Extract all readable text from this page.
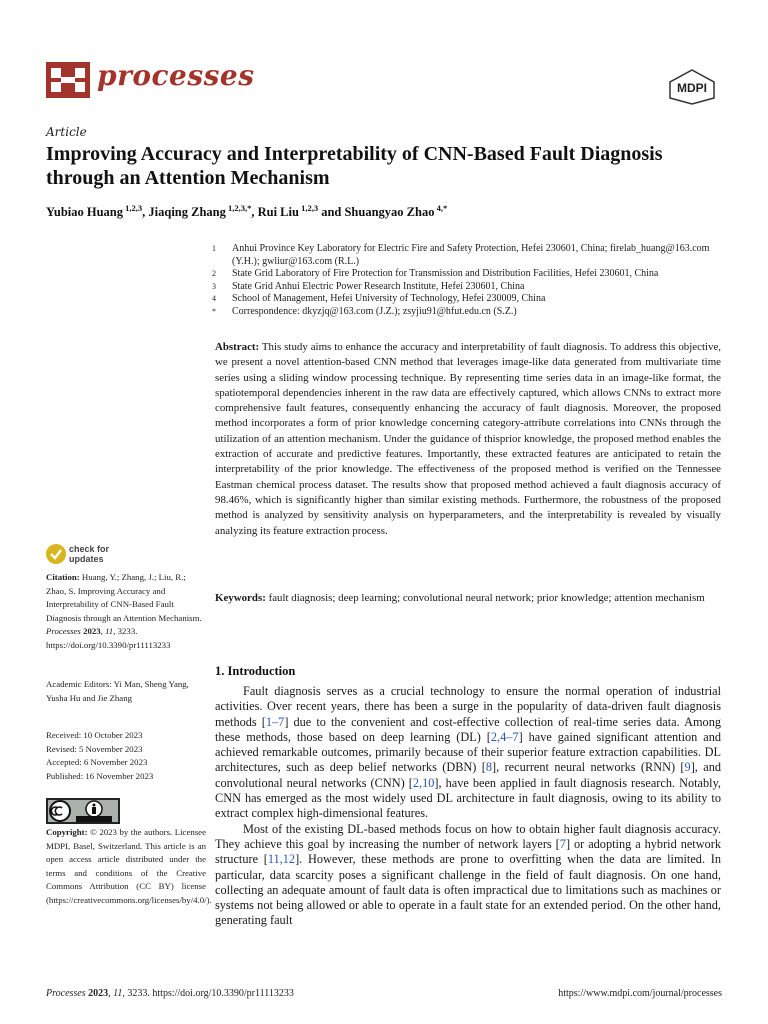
processes	MDPI
Article
Improving Accuracy and Interpretability of CNN-Based Fault Diagnosis through an Attention Mechanism
Yubiao Huang $^{1,2,3}$, Jiaqing Zhang $^{1,2,3,*}$, Rui Liu $^{1,2,3}$ and Shuangyao Zhao $^{4,*}$
1	Anhui Province Key Laboratory for Electric Fire and Safety Protection, Hefei 230601, China; firelab_huang@163.com (Y.H.); gwliur@163.com (R.L.)
2	State Grid Laboratory of Fire Protection for Transmission and Distribution Facilities, Hefei 230601, China
3	State Grid Anhui Electric Power Research Institute, Hefei 230601, China
4	School of Management, Hefei University of Technology, Hefei 230009, China
*	Correspondence: dkyzjq@163.com (J.Z.); zsyjiu91@hfut.edu.cn (S.Z.)
Abstract: This study aims to enhance the accuracy and interpretability of fault diagnosis. To address this objective, we present a novel attention-based CNN method that leverages image-like data generated from multivariate time series using a sliding window processing technique. By representing time series data in an image-like format, the spatiotemporal dependencies inherent in the raw data are effectively captured, which allows CNNs to extract more comprehensive fault features, consequently enhancing the accuracy of fault diagnosis. Moreover, the proposed method incorporates a form of prior knowledge concerning category-attribute correlations into CNNs through the utilization of an attention mechanism. Under the guidance of thisprior knowledge, the proposed method enables the extraction of accurate and predictive features. Importantly, these extracted features are anticipated to retain the interpretability of the prior knowledge. The effectiveness of the proposed method is verified on the Tennessee Eastman chemical process dataset. The results show that proposed method achieved a fault diagnosis accuracy of 98.46%, which is significantly higher than similar existing methods. Furthermore, the robustness of the proposed method is analyzed by sensitivity analysis on hyperparameters, and the interpretability is revealed by visually analyzing its feature extraction process.
Keywords: fault diagnosis; deep learning; convolutional neural network; prior knowledge; attention mechanism
1. Introduction

Fault diagnosis serves as a crucial technology to ensure the normal operation of industrial activities. Over recent years, there has been a surge in the popularity of data-driven fault diagnosis methods [1–7] due to the convenient and cost-effective collection of real-time series data. Among these methods, those based on deep learning (DL) [2,4–7] have gained significant attention and achieved remarkable outcomes, primarily because of their superior feature extraction capabilities. DL architectures, such as deep belief networks (DBN) [8], recurrent neural networks (RNN) [9], and convolutional neural networks (CNN) [2,10], have been applied in fault diagnosis research. Notably, CNN has emerged as the most widely used DL architecture in fault diagnosis, owing to its ability to extract complex high-dimensional features.

Most of the existing DL-based methods focus on how to obtain higher fault diagnosis accuracy. They achieve this goal by increasing the number of network layers [7] or adopting a hybrid network structure [11,12]. However, these methods are prone to overfitting when the data are limited. In particular, data scarcity poses a significant challenge in the field of fault diagnosis. On one hand, collecting an adequate amount of fault data is often impractical due to limitations such as machines or systems not being allowed or able to operate in a fault state for an extended period. On the other hand, generating fault

check for
updates
Citation: Huang, Y.; Zhang, J.; Liu, R.; Zhao, S. Improving Accuracy and Interpretability of CNN-Based Fault Diagnosis through an Attention Mechanism. Processes 2023, 11, 3233. https://doi.org/10.3390/pr11113233
Academic Editors: Yi Man, Sheng Yang, Yusha Hu and Jie Zhang
Received: 10 October 2023
Revised: 5 November 2023
Accepted: 6 November 2023
Published: 16 November 2023
Copyright: © 2023 by the authors. Licensee MDPI, Basel, Switzerland. This article is an open access article distributed under the terms and conditions of the Creative Commons Attribution (CC BY) license (https://creativecommons.org/licenses/by/4.0/).
Processes 2023, 11, 3233. https://doi.org/10.3390/pr11113233	https://www.mdpi.com/journal/processes
